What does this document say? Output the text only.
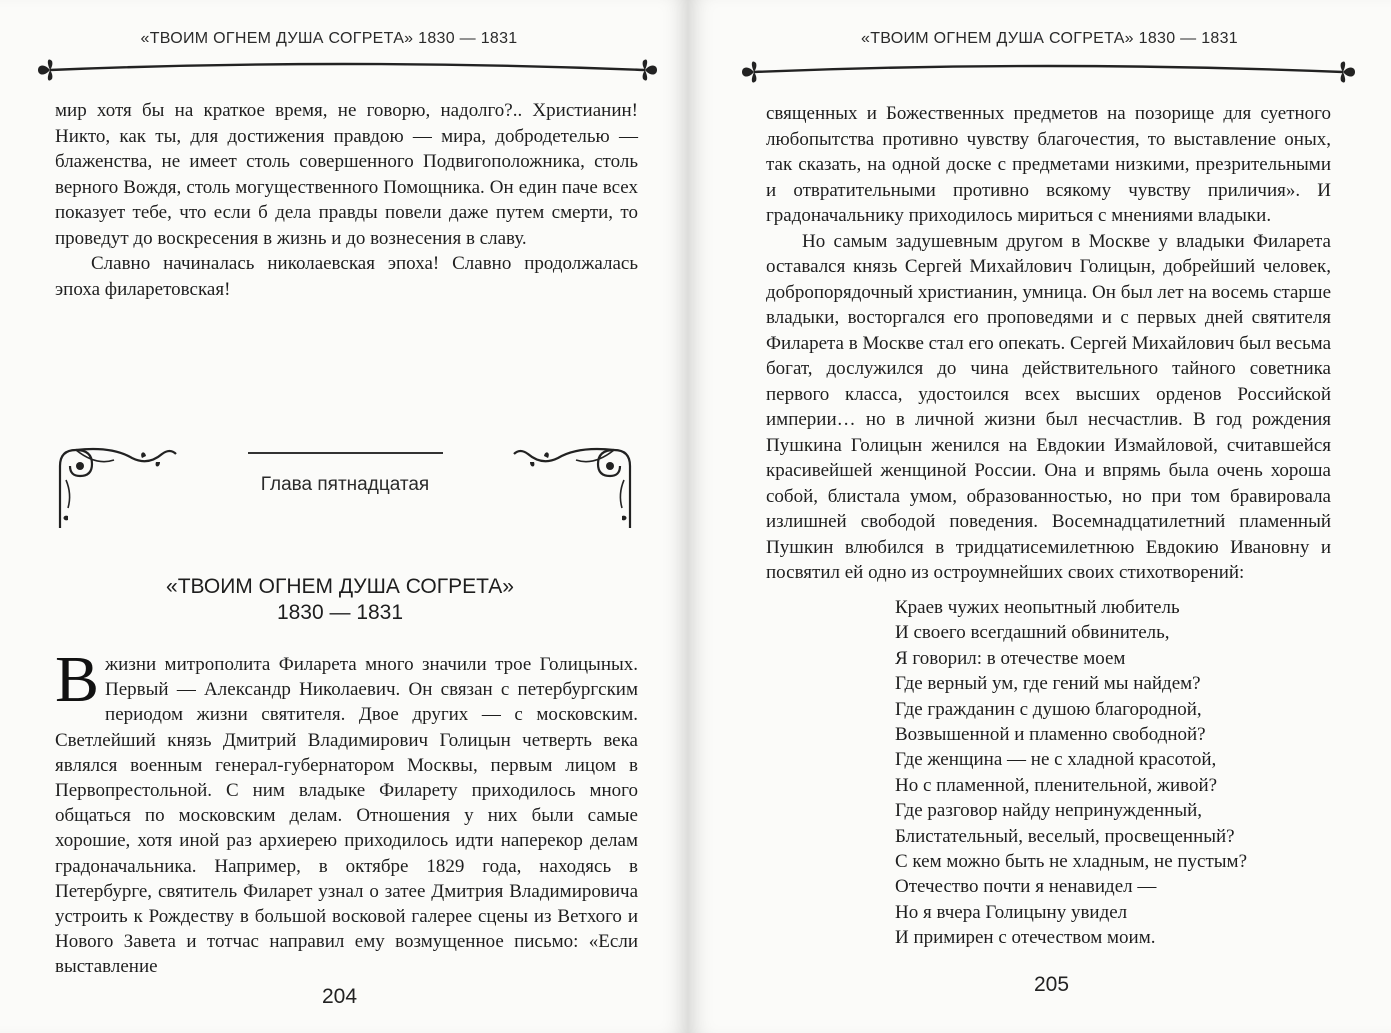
«ТВОИМ ОГНЕМ ДУША СОГРЕТА» 1830 — 1831

мир хотя бы на краткое время, не говорю, надолго?.. Христианин! Никто, как ты, для достижения правдою — мира, добродетелью — блаженства, не имеет столь совершенного Подвигоположника, столь верного Вождя, столь могущественного Помощника. Он един паче всех показует тебе, что если б дела правды повели даже путем смерти, то проведут до воскресения в жизнь и до вознесения в славу.

Славно начиналась николаевская эпоха! Славно продолжалась эпоха филаретовская!

Глава пятнадцатая
«ТВОИМ ОГНЕМ ДУША СОГРЕТА»
1830 — 1831

В жизни митрополита Филарета много значили трое Голицыных. Первый — Александр Николаевич. Он связан с петербургским периодом жизни святителя. Двое других — с московским. Светлейший князь Дмитрий Владимирович Голицын четверть века являлся военным генерал-губернатором Москвы, первым лицом в Первопрестольной. С ним владыке Филарету приходилось много общаться по московским делам. Отношения у них были самые хорошие, хотя иной раз архиерею приходилось идти наперекор делам градоначальника. Например, в октябре 1829 года, находясь в Петербурге, святитель Филарет узнал о затее Дмитрия Владимировича устроить к Рождеству в большой восковой галерее сцены из Ветхого и Нового Завета и тотчас направил ему возмущенное письмо: «Если выставление

204
«ТВОИМ ОГНЕМ ДУША СОГРЕТА» 1830 — 1831

священных и Божественных предметов на позорище для суетного любопытства противно чувству благочестия, то выставление оных, так сказать, на одной доске с предметами низкими, презрительными и отвратительными противно всякому чувству приличия». И градоначальнику приходилось мириться с мнениями владыки.

Но самым задушевным другом в Москве у владыки Филарета оставался князь Сергей Михайлович Голицын, добрейший человек, добропорядочный христианин, умница. Он был лет на восемь старше владыки, восторгался его проповедями и с первых дней святителя Филарета в Москве стал его опекать. Сергей Михайлович был весьма богат, дослужился до чина действительного тайного советника первого класса, удостоился всех высших орденов Российской империи… но в личной жизни был несчастлив. В год рождения Пушкина Голицын женился на Евдокии Измайловой, считавшейся красивейшей женщиной России. Она и впрямь была очень хороша собой, блистала умом, образованностью, но при том бравировала излишней свободой поведения. Восемнадцатилетний пламенный Пушкин влюбился в тридцатисемилетнюю Евдокию Ивановну и посвятил ей одно из остроумнейших своих стихотворений:

Краев чужих неопытный любитель
И своего всегдашний обвинитель,
Я говорил: в отечестве моем
Где верный ум, где гений мы найдем?
Где гражданин с душою благородной,
Возвышенной и пламенно свободной?
Где женщина — не с хладной красотой,
Но с пламенной, пленительной, живой?
Где разговор найду непринужденный,
Блистательный, веселый, просвещенный?
С кем можно быть не хладным, не пустым?
Отечество почти я ненавидел —
Но я вчера Голицыну увидел
И примирен с отечеством моим.
205
